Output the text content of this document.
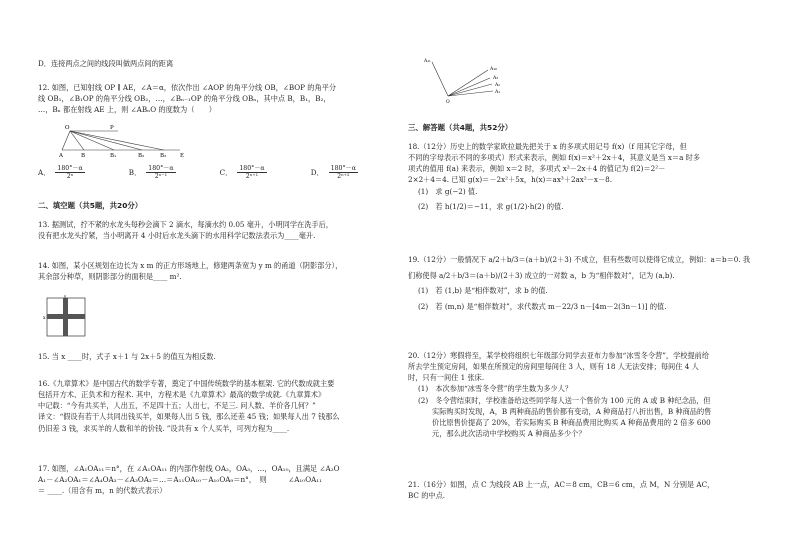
D．连接两点之间的线段叫做两点间的距离

12. 如图，已知射线 OP ∥ AE，∠A＝α，依次作出 ∠AOP 的角平分线 OB，∠BOP 的角平分

线 OB₁，∠B₁OP 的角平分线 OB₂，…，∠Bₙ₋₁OP 的角平分线 OBₙ，其中点 B，B₁，B₂，

…，Bₙ 都在射线 AE 上，则 ∠ABₙO 的度数为（　　）

O	P
A	B	B₁	B₂	B₃	E
A． $\frac{180^\circ-\alpha}{\text{2ⁿ}}$	B． $\frac{180^\circ-\alpha}{\text{2ⁿ⁻¹}}$	C． $\frac{180^\circ-\alpha}{\text{2ⁿ⁺¹}}$	D． $\frac{180^\circ-\alpha}{\text{2ⁿ⁺²}}$
二、填空题（共5题，共20分）

13. 据测试，拧不紧的水龙头每秒会滴下 2 滴水，每滴水约 0.05 毫升，小明同学在洗手后，

没有把水龙头拧紧，当小明离开 4 小时后水龙头滴下的水用科学记数法表示为____毫升.

14. 如图，某小区规划在边长为 x m 的正方形场地上，修建两条宽为 y m 的甬道（阴影部分），

其余部分种草，则阴影部分的面积是____ m².

x
y

15. 当 x ____时，式子 x＋1 与 2x＋5 的值互为相反数.

16.《九章算术》是中国古代的数学专著，奠定了中国传统数学的基本框架. 它的代数成就主要

包括开方术、正负术和方程术. 其中，方程术是《九章算术》最高的数学成就.《九章算术》

中记载：“今有共买羊，人出五，不足四十五；人出七，不足三. 问人数、羊价各几何？”

译文：“假设有若干人共同出钱买羊，如果每人出 5 钱，那么还差 45 钱；如果每人出 7 钱那么

仍旧差 3 钱，求买羊的人数和羊的价钱. ”设共有 x 个人买羊，可列方程为____.

17. 如图，∠A₁OA₁₁＝n°，在 ∠A₁OA₁₁ 的内部作射线 OA₂，OA₃，…，OA₁₀，且满足 ∠A₂O

A₁－∠A₂OA₁＝∠A₄OA₃－∠A₃OA₂＝…＝A₁₁OA₁₀－A₁₀OA₉＝n°，　则　　　∠A₁₀OA₁₁

＝ ____.（用含有 m，n 的代数式表示）

A₁₁
A₁₀
A₃
A₂
A₁
O
三、解答题（共4题，共52分）

18.（12分）历史上的数学家欧拉最先把关于 x 的多项式用记号 f(x)（f 用其它字母，但

不同的字母表示不同的多项式）形式来表示，例如 f(x)＝x²＋2x＋4，其意义是当 x＝a 时多

项式的值用 f(a) 来表示，例如 x＝2 时，多项式 x²－2x＋4 的值记为 f(2)＝2²－

2×2＋4＝4. 已知 g(x)＝－2x²＋5x，h(x)＝ax³＋2ax²－x－8.

(1)　求 g(−2) 值.

(2)　若 h(1/2)＝−11，求 g(1/2)·h(2) 的值.

19.（12分）一般情况下 a/2＋b/3＝(a＋b)/(2＋3) 不成立，但有些数可以使得它成立，例如：a＝b＝0. 我

们称使得 a/2＋b/3＝(a＋b)/(2＋3) 成立的一对数 a，b 为“相伴数对”，记为 (a,b).

(1)　若 (1,b) 是“相伴数对”，求 b 的值.

(2)　若 (m,n) 是“相伴数对”，求代数式 m－22/3 n－[4m－2(3n－1)] 的值.

20.（12分）寒假将至，某学校将组织七年级部分同学去亚布力参加“冰雪冬令营”，学校提前给

所去学生预定房间，如果在所预定的房间里每间住 3 人，则有 18 人无法安排；每间住 4 人

时，只有一间住 1 张床.

(1)　本次参加“冰雪冬令营”的学生数为多少人？

(2)　冬令营结束时，学校准备给这些同学每人送一个售价为 100 元的 A 或 B 种纪念品，但

实际购买时发现，A，B 两种商品的售价都有变动，A 种商品打八折出售，B 种商品的售

价比原售价提高了 20%，若实际购买 B 种商品费用比购买 A 种商品费用的 2 倍多 600

元，那么此次活动中学校购买 A 种商品多少个？

21.（16分）如图，点 C 为线段 AB 上一点，AC＝8 cm，CB＝6 cm，点 M，N 分别是 AC，

BC 的中点.
